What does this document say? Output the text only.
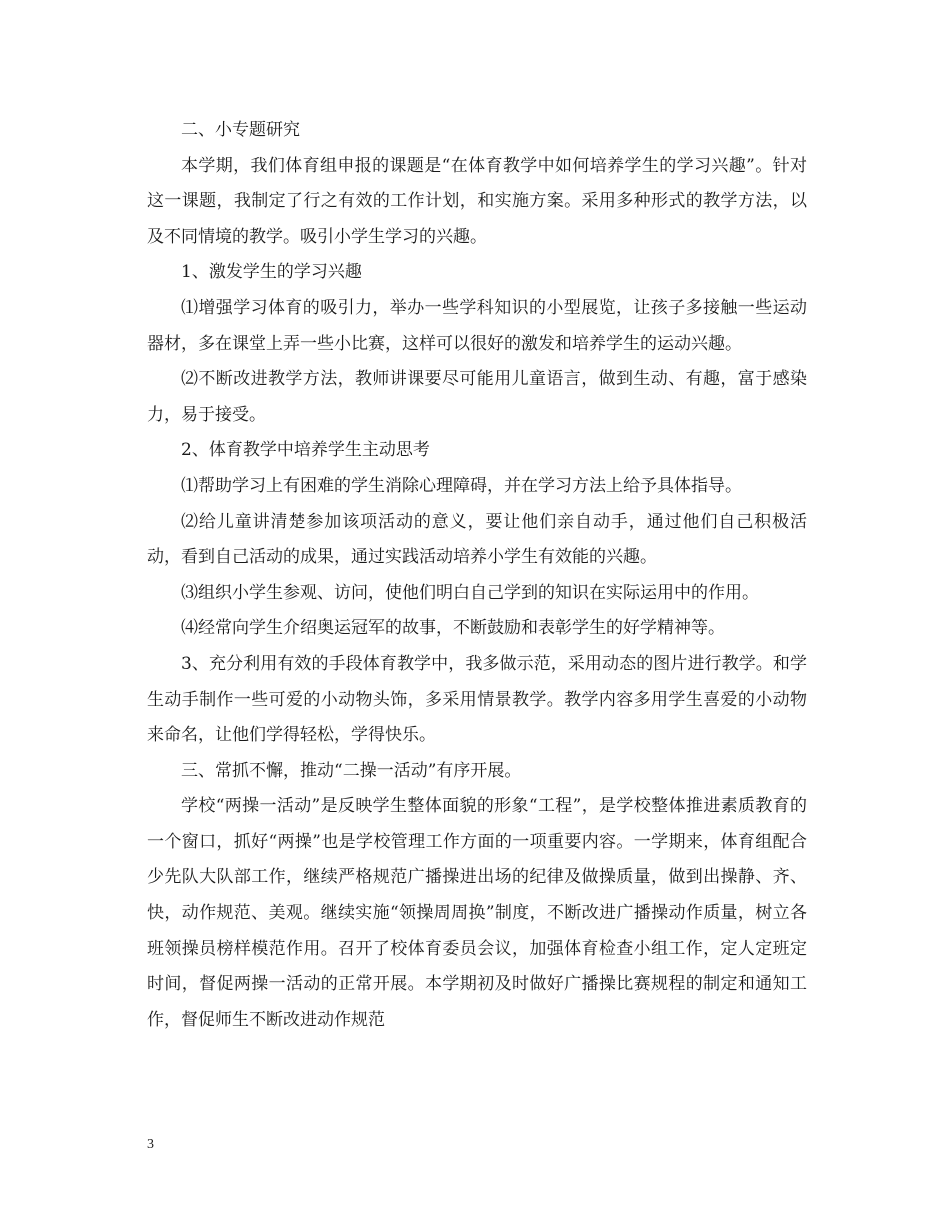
二、小专题研究

本学期，我们体育组申报的课题是“在体育教学中如何培养学生的学习兴趣”。针对这一课题，我制定了行之有效的工作计划，和实施方案。采用多种形式的教学方法，以及不同情境的教学。吸引小学生学习的兴趣。

1、激发学生的学习兴趣

⑴增强学习体育的吸引力，举办一些学科知识的小型展览，让孩子多接触一些运动器材，多在课堂上弄一些小比赛，这样可以很好的激发和培养学生的运动兴趣。

⑵不断改进教学方法，教师讲课要尽可能用儿童语言，做到生动、有趣，富于感染力，易于接受。

2、体育教学中培养学生主动思考

⑴帮助学习上有困难的学生消除心理障碍，并在学习方法上给予具体指导。

⑵给儿童讲清楚参加该项活动的意义，要让他们亲自动手，通过他们自己积极活动，看到自己活动的成果，通过实践活动培养小学生有效能的兴趣。

⑶组织小学生参观、访问，使他们明白自己学到的知识在实际运用中的作用。

⑷经常向学生介绍奥运冠军的故事，不断鼓励和表彰学生的好学精神等。

3、充分利用有效的手段体育教学中，我多做示范，采用动态的图片进行教学。和学生动手制作一些可爱的小动物头饰，多采用情景教学。教学内容多用学生喜爱的小动物来命名，让他们学得轻松，学得快乐。

三、常抓不懈，推动“二操一活动”有序开展。

学校“两操一活动”是反映学生整体面貌的形象“工程”，是学校整体推进素质教育的一个窗口，抓好“两操”也是学校管理工作方面的一项重要内容。一学期来，体育组配合少先队大队部工作，继续严格规范广播操进出场的纪律及做操质量，做到出操静、齐、快，动作规范、美观。继续实施“领操周周换”制度，不断改进广播操动作质量，树立各班领操员榜样模范作用。召开了校体育委员会议，加强体育检查小组工作，定人定班定时间，督促两操一活动的正常开展。本学期初及时做好广播操比赛规程的制定和通知工作，督促师生不断改进动作规范

3
